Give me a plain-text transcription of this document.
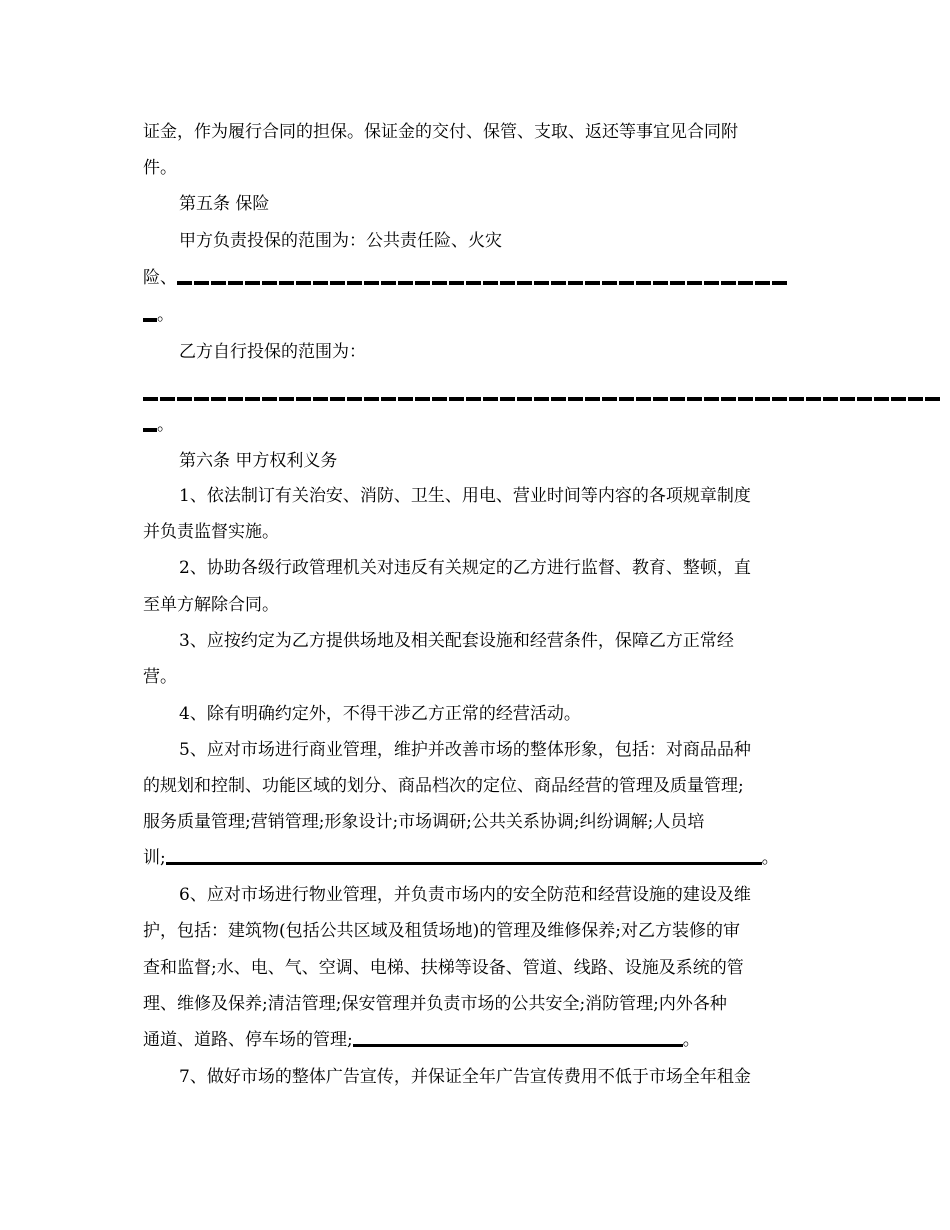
证金，作为履行合同的担保。保证金的交付、保管、支取、返还等事宜见合同附
件。
第五条 保险
甲方负责投保的范围为：公共责任险、火灾
险、
。
乙方自行投保的范围为：
。
第六条 甲方权利义务
1、依法制订有关治安、消防、卫生、用电、营业时间等内容的各项规章制度
并负责监督实施。
2、协助各级行政管理机关对违反有关规定的乙方进行监督、教育、整顿，直
至单方解除合同。
3、应按约定为乙方提供场地及相关配套设施和经营条件，保障乙方正常经
营。
4、除有明确约定外，不得干涉乙方正常的经营活动。
5、应对市场进行商业管理，维护并改善市场的整体形象，包括：对商品品种
的规划和控制、功能区域的划分、商品档次的定位、商品经营的管理及质量管理;
服务质量管理;营销管理;形象设计;市场调研;公共关系协调;纠纷调解;人员培
训;	。
6、应对市场进行物业管理，并负责市场内的安全防范和经营设施的建设及维
护，包括：建筑物(包括公共区域及租赁场地)的管理及维修保养;对乙方装修的审
查和监督;水、电、气、空调、电梯、扶梯等设备、管道、线路、设施及系统的管
理、维修及保养;清洁管理;保安管理并负责市场的公共安全;消防管理;内外各种
通道、道路、停车场的管理;	。
7、做好市场的整体广告宣传，并保证全年广告宣传费用不低于市场全年租金
